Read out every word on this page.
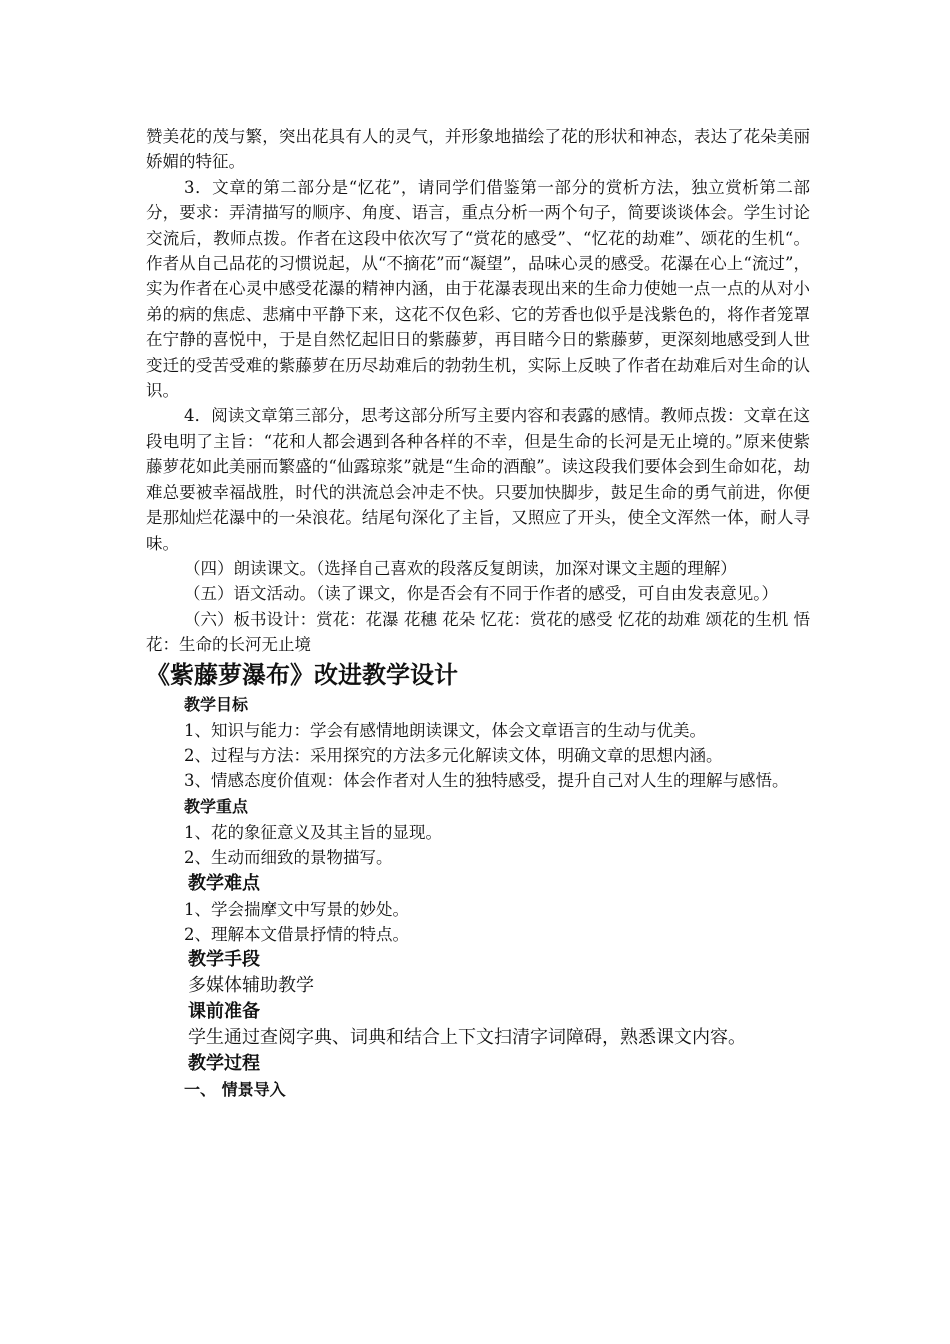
赞美花的茂与繁，突出花具有人的灵气，并形象地描绘了花的形状和神态，表达了花朵美丽娇媚的特征。

3．文章的第二部分是“忆花”，请同学们借鉴第一部分的赏析方法，独立赏析第二部分，要求：弄清描写的顺序、角度、语言，重点分析一两个句子，简要谈谈体会。学生讨论交流后，教师点拨。作者在这段中依次写了“赏花的感受”、“忆花的劫难”、颂花的生机“。作者从自己品花的习惯说起，从“不摘花”而“凝望”，品味心灵的感受。花瀑在心上“流过”，实为作者在心灵中感受花瀑的精神内涵，由于花瀑表现出来的生命力使她一点一点的从对小弟的病的焦虑、悲痛中平静下来，这花不仅色彩、它的芳香也似乎是浅紫色的，将作者笼罩在宁静的喜悦中，于是自然忆起旧日的紫藤萝，再目睹今日的紫藤萝，更深刻地感受到人世变迁的受苦受难的紫藤萝在历尽劫难后的勃勃生机，实际上反映了作者在劫难后对生命的认识。

4．阅读文章第三部分，思考这部分所写主要内容和表露的感情。教师点拨：文章在这段电明了主旨：“花和人都会遇到各种各样的不幸，但是生命的长河是无止境的。”原来使紫藤萝花如此美丽而繁盛的“仙露琼浆”就是“生命的酒酿”。读这段我们要体会到生命如花，劫难总要被幸福战胜，时代的洪流总会冲走不快。只要加快脚步，鼓足生命的勇气前进，你便是那灿烂花瀑中的一朵浪花。结尾句深化了主旨，又照应了开头，使全文浑然一体，耐人寻味。

（四）朗读课文。（选择自己喜欢的段落反复朗读，加深对课文主题的理解）

（五）语文活动。（读了课文，你是否会有不同于作者的感受，可自由发表意见。）

（六）板书设计：赏花：花瀑 花穗 花朵 忆花：赏花的感受 忆花的劫难 颂花的生机 悟花：生命的长河无止境

《紫藤萝瀑布》改进教学设计

教学目标

1、知识与能力：学会有感情地朗读课文，体会文章语言的生动与优美。

2、过程与方法：采用探究的方法多元化解读文体，明确文章的思想内涵。

3、情感态度价值观：体会作者对人生的独特感受，提升自己对人生的理解与感悟。

教学重点

1、花的象征意义及其主旨的显现。

2、生动而细致的景物描写。

教学难点

1、学会揣摩文中写景的妙处。

2、理解本文借景抒情的特点。

教学手段

多媒体辅助教学

课前准备

学生通过查阅字典、词典和结合上下文扫清字词障碍，熟悉课文内容。

教学过程

一、 情景导入
